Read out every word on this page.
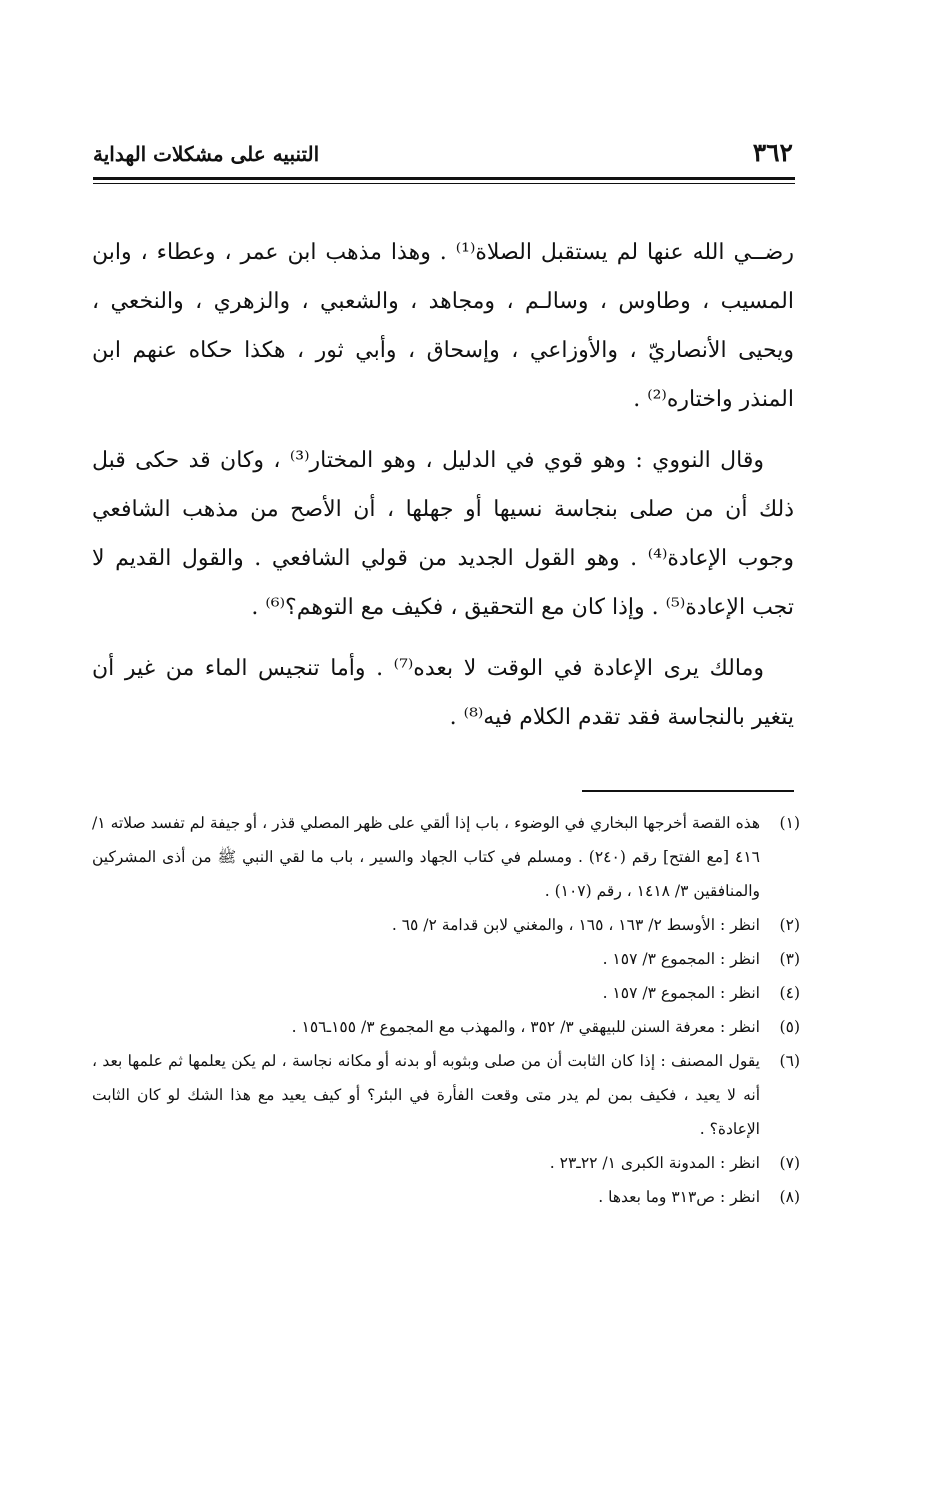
٣٦٢
التنبيه على مشكلات الهداية

رضــي الله عنها لم يستقبل الصلاة⁽¹⁾ . وهذا مذهب ابن عمر ، وعطاء ، وابن المسيب ، وطاوس ، وسالـم ، ومجاهد ، والشعبي ، والزهري ، والنخعي ، ويحيى الأنصاريّ ، والأوزاعي ، وإسحاق ، وأبي ثور ، هكذا حكاه عنهم ابن المنذر واختاره⁽²⁾ .

وقال النووي : وهو قوي في الدليل ، وهو المختار⁽³⁾ ، وكان قد حكى قبل ذلك أن من صلى بنجاسة نسيها أو جهلها ، أن الأصح من مذهب الشافعي وجوب الإعادة⁽⁴⁾ . وهو القول الجديد من قولي الشافعي . والقول القديم لا تجب الإعادة⁽⁵⁾ . وإذا كان مع التحقيق ، فكيف مع التوهم؟⁽⁶⁾ .

ومالك يرى الإعادة في الوقت لا بعده⁽⁷⁾ . وأما تنجيس الماء من غير أن يتغير بالنجاسة فقد تقدم الكلام فيه⁽⁸⁾ .

(١)
هذه القصة أخرجها البخاري في الوضوء ، باب إذا ألقي على ظهر المصلي قذر ، أو جيفة لم تفسد صلاته ١/ ٤١٦ [مع الفتح] رقم (٢٤٠) . ومسلم في كتاب الجهاد والسير ، باب ما لقي النبي ﷺ من أذى المشركين والمنافقين ٣/ ١٤١٨ ، رقم (١٠٧) .
(٢)
انظر : الأوسط ٢/ ١٦٣ ، ١٦٥ ، والمغني لابن قدامة ٢/ ٦٥ .
(٣)
انظر : المجموع ٣/ ١٥٧ .
(٤)
انظر : المجموع ٣/ ١٥٧ .
(٥)
انظر : معرفة السنن للبيهقي ٣/ ٣٥٢ ، والمهذب مع المجموع ٣/ ١٥٥ـ١٥٦ .
(٦)
يقول المصنف : إذا كان الثابت أن من صلى وبثوبه أو بدنه أو مكانه نجاسة ، لم يكن يعلمها ثم علمها بعد ، أنه لا يعيد ، فكيف بمن لم يدر متى وقعت الفأرة في البئر؟ أو كيف يعيد مع هذا الشك لو كان الثابت الإعادة؟ .
(٧)
انظر : المدونة الكبرى ١/ ٢٢ـ٢٣ .
(٨)
انظر : ص٣١٣ وما بعدها .
